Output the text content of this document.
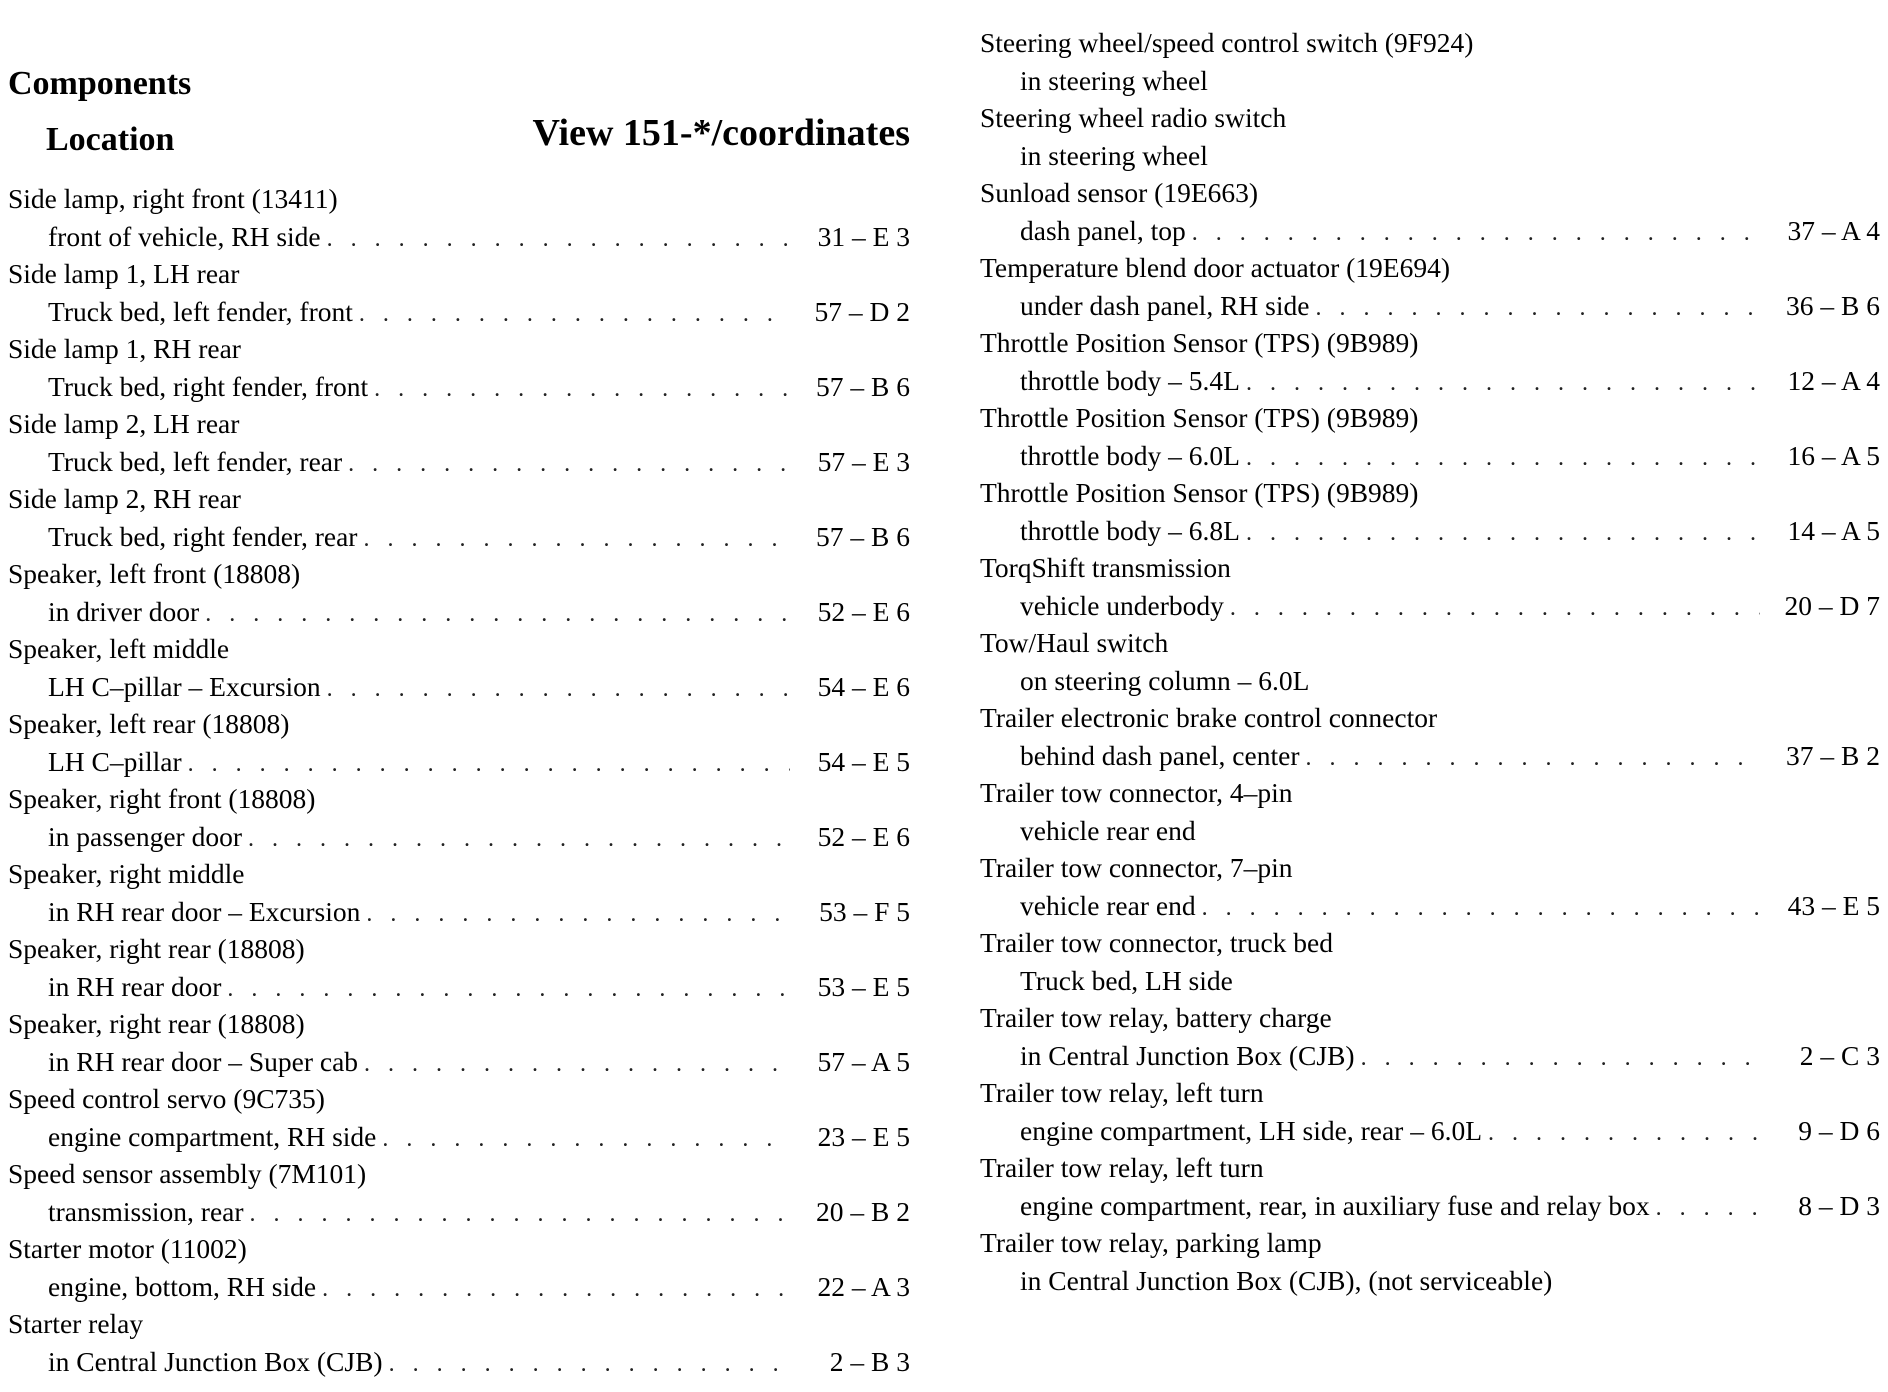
Components
Location	View 151-*/coordinates
Side lamp, right front (13411)
front of vehicle, RH side . . .	31 – E 3
Side lamp 1, LH rear
Truck bed, left fender, front . . .	57 – D 2
Side lamp 1, RH rear
Truck bed, right fender, front . . .	57 – B 6
Side lamp 2, LH rear
Truck bed, left fender, rear . . .	57 – E 3
Side lamp 2, RH rear
Truck bed, right fender, rear . . .	57 – B 6
Speaker, left front (18808)
in driver door . . .	52 – E 6
Speaker, left middle
LH C–pillar – Excursion . . .	54 – E 6
Speaker, left rear (18808)
LH C–pillar . . .	54 – E 5
Speaker, right front (18808)
in passenger door . . .	52 – E 6
Speaker, right middle
in RH rear door – Excursion . . .	53 – F 5
Speaker, right rear (18808)
in RH rear door . . .	53 – E 5
Speaker, right rear (18808)
in RH rear door – Super cab . . .	57 – A 5
Speed control servo (9C735)
engine compartment, RH side . . .	23 – E 5
Speed sensor assembly (7M101)
transmission, rear . . .	20 – B 2
Starter motor (11002)
engine, bottom, RH side . . .	22 – A 3
Starter relay
in Central Junction Box (CJB) . . .	2 – B 3
Steering wheel/speed control switch (9F924)
in steering wheel
Steering wheel radio switch
in steering wheel
Sunload sensor (19E663)
dash panel, top . . .	37 – A 4
Temperature blend door actuator (19E694)
under dash panel, RH side . . .	36 – B 6
Throttle Position Sensor (TPS) (9B989)
throttle body – 5.4L . . .	12 – A 4
Throttle Position Sensor (TPS) (9B989)
throttle body – 6.0L . . .	16 – A 5
Throttle Position Sensor (TPS) (9B989)
throttle body – 6.8L . . .	14 – A 5
TorqShift transmission
vehicle underbody . . .	20 – D 7
Tow/Haul switch
on steering column – 6.0L
Trailer electronic brake control connector
behind dash panel, center . . .	37 – B 2
Trailer tow connector, 4–pin
vehicle rear end
Trailer tow connector, 7–pin
vehicle rear end . . .	43 – E 5
Trailer tow connector, truck bed
Truck bed, LH side
Trailer tow relay, battery charge
in Central Junction Box (CJB) . . .	2 – C 3
Trailer tow relay, left turn
engine compartment, LH side, rear – 6.0L . . .	9 – D 6
Trailer tow relay, left turn
engine compartment, rear, in auxiliary fuse and relay box . . .	8 – D 3
Trailer tow relay, parking lamp
in Central Junction Box (CJB), (not serviceable)
